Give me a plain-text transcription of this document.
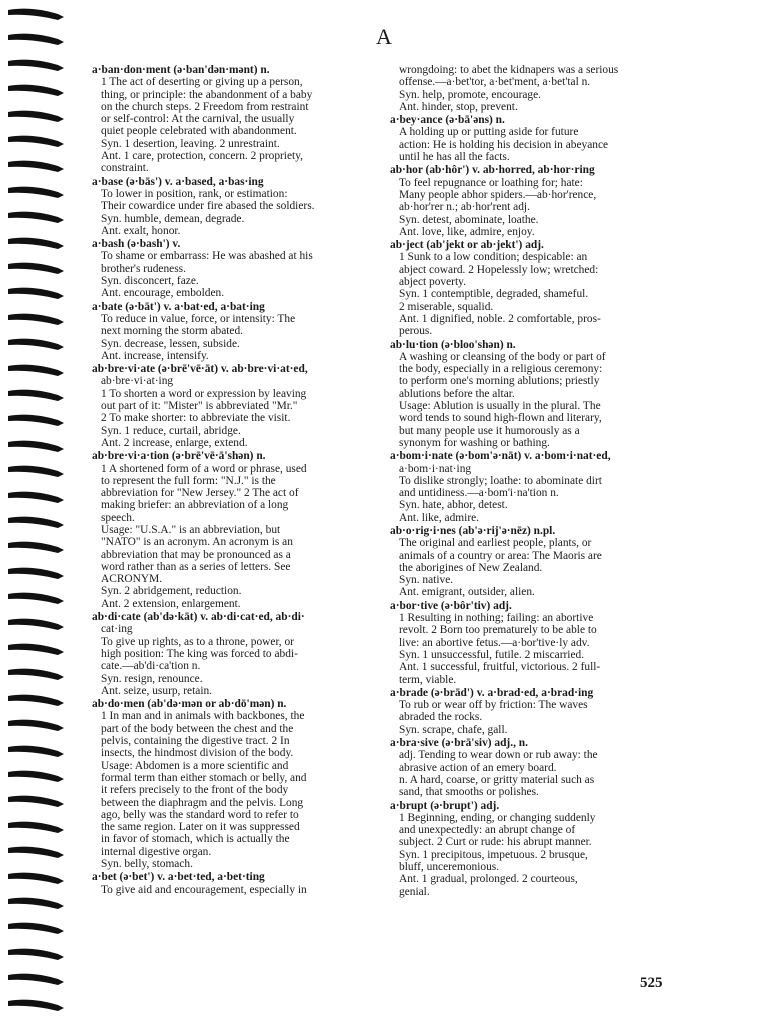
A
a·ban·don·ment (ə·ban'dən·mənt) n.
1 The act of deserting or giving up a person,
thing, or principle: the abandonment of a baby
on the church steps. 2 Freedom from restraint
or self-control: At the carnival, the usually
quiet people celebrated with abandonment.
Syn. 1 desertion, leaving. 2 unrestraint.
Ant. 1 care, protection, concern. 2 propriety,
constraint.
a·base (ə·bās') v. a·based, a·bas·ing
To lower in position, rank, or estimation:
Their cowardice under fire abased the soldiers.
Syn. humble, demean, degrade.
Ant. exalt, honor.
a·bash (ə·bash') v.
To shame or embarrass: He was abashed at his
brother's rudeness.
Syn. disconcert, faze.
Ant. encourage, embolden.
a·bate (ə·bāt') v. a·bat·ed, a·bat·ing
To reduce in value, force, or intensity: The
next morning the storm abated.
Syn. decrease, lessen, subside.
Ant. increase, intensify.
ab·bre·vi·ate (ə·brē'vē·āt) v. ab·bre·vi·at·ed,
ab·bre·vi·at·ing
1 To shorten a word or expression by leaving
out part of it: "Mister" is abbreviated "Mr."
2 To make shorter: to abbreviate the visit.
Syn. 1 reduce, curtail, abridge.
Ant. 2 increase, enlarge, extend.
ab·bre·vi·a·tion (ə·brē'vē·ā'shən) n.
1 A shortened form of a word or phrase, used
to represent the full form: "N.J." is the
abbreviation for "New Jersey." 2 The act of
making briefer: an abbreviation of a long
speech.
Usage: "U.S.A." is an abbreviation, but
"NATO" is an acronym. An acronym is an
abbreviation that may be pronounced as a
word rather than as a series of letters. See
ACRONYM.
Syn. 2 abridgement, reduction.
Ant. 2 extension, enlargement.
ab·di·cate (ab'də·kāt) v. ab·di·cat·ed, ab·di·
cat·ing
To give up rights, as to a throne, power, or
high position: The king was forced to abdi-
cate.—ab'di·ca'tion n.
Syn. resign, renounce.
Ant. seize, usurp, retain.
ab·do·men (ab'də·mən or ab·dō'mən) n.
1 In man and in animals with backbones, the
part of the body between the chest and the
pelvis, containing the digestive tract. 2 In
insects, the hindmost division of the body.
Usage: Abdomen is a more scientific and
formal term than either stomach or belly, and
it refers precisely to the front of the body
between the diaphragm and the pelvis. Long
ago, belly was the standard word to refer to
the same region. Later on it was suppressed
in favor of stomach, which is actually the
internal digestive organ.
Syn. belly, stomach.
a·bet (ə·bet') v. a·bet·ted, a·bet·ting
To give aid and encouragement, especially in
wrongdoing: to abet the kidnapers was a serious
offense.—a·bet'tor, a·bet'ment, a·bet'tal n.
Syn. help, promote, encourage.
Ant. hinder, stop, prevent.
a·bey·ance (ə·bā'əns) n.
A holding up or putting aside for future
action: He is holding his decision in abeyance
until he has all the facts.
ab·hor (ab·hôr') v. ab·horred, ab·hor·ring
To feel repugnance or loathing for; hate:
Many people abhor spiders.—ab·hor'rence,
ab·hor'rer n.; ab·hor'rent adj.
Syn. detest, abominate, loathe.
Ant. love, like, admire, enjoy.
ab·ject (ab'jekt or ab·jekt') adj.
1 Sunk to a low condition; despicable: an
abject coward. 2 Hopelessly low; wretched:
abject poverty.
Syn. 1 contemptible, degraded, shameful.
2 miserable, squalid.
Ant. 1 dignified, noble. 2 comfortable, pros-
perous.
ab·lu·tion (ə·bloo'shən) n.
A washing or cleansing of the body or part of
the body, especially in a religious ceremony:
to perform one's morning ablutions; priestly
ablutions before the altar.
Usage: Ablution is usually in the plural. The
word tends to sound high-flown and literary,
but many people use it humorously as a
synonym for washing or bathing.
a·bom·i·nate (ə·bom'ə·nāt) v. a·bom·i·nat·ed,
a·bom·i·nat·ing
To dislike strongly; loathe: to abominate dirt
and untidiness.—a·bom'i·na'tion n.
Syn. hate, abhor, detest.
Ant. like, admire.
ab·o·rig·i·nes (ab'ə·rij'ə·nēz) n.pl.
The original and earliest people, plants, or
animals of a country or area: The Maoris are
the aborigines of New Zealand.
Syn. native.
Ant. emigrant, outsider, alien.
a·bor·tive (ə·bôr'tiv) adj.
1 Resulting in nothing; failing: an abortive
revolt. 2 Born too prematurely to be able to
live: an abortive fetus.—a·bor'tive·ly adv.
Syn. 1 unsuccessful, futile. 2 miscarried.
Ant. 1 successful, fruitful, victorious. 2 full-
term, viable.
a·brade (ə·brād') v. a·brad·ed, a·brad·ing
To rub or wear off by friction: The waves
abraded the rocks.
Syn. scrape, chafe, gall.
a·bra·sive (ə·brā'siv) adj., n.
adj. Tending to wear down or rub away: the
abrasive action of an emery board.
n. A hard, coarse, or gritty material such as
sand, that smooths or polishes.
a·brupt (ə·brupt') adj.
1 Beginning, ending, or changing suddenly
and unexpectedly: an abrupt change of
subject. 2 Curt or rude: his abrupt manner.
Syn. 1 precipitous, impetuous. 2 brusque,
bluff, unceremonious.
Ant. 1 gradual, prolonged. 2 courteous,
genial.
525
